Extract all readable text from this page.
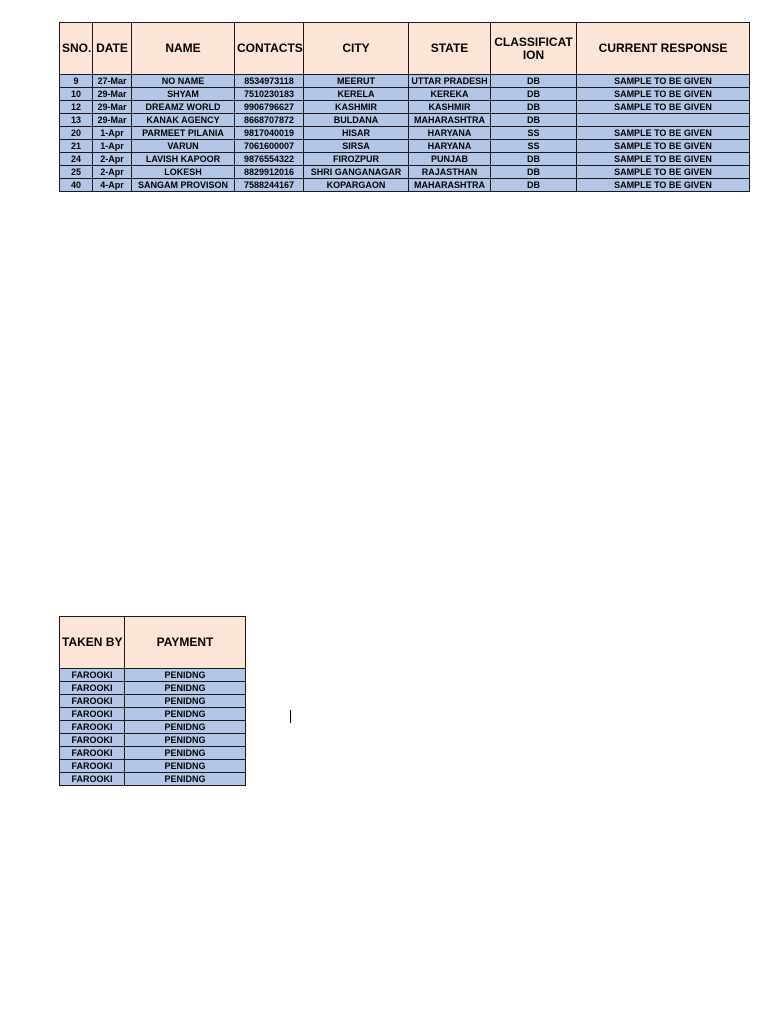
SNO.	DATE	NAME	CONTACTS	CITY	STATE	CLASSIFICATION	CURRENT RESPONSE
9	27-Mar	NO NAME	8534973118	MEERUT	UTTAR PRADESH	DB	SAMPLE TO BE GIVEN
10	29-Mar	SHYAM	7510230183	KERELA	KEREKA	DB	SAMPLE TO BE GIVEN
12	29-Mar	DREAMZ WORLD	9906796627	KASHMIR	KASHMIR	DB	SAMPLE TO BE GIVEN
13	29-Mar	KANAK AGENCY	8668707872	BULDANA	MAHARASHTRA	DB	
20	1-Apr	PARMEET PILANIA	9817040019	HISAR	HARYANA	SS	SAMPLE TO BE GIVEN
21	1-Apr	VARUN	7061600007	SIRSA	HARYANA	SS	SAMPLE TO BE GIVEN
24	2-Apr	LAVISH KAPOOR	9876554322	FIROZPUR	PUNJAB	DB	SAMPLE TO BE GIVEN
25	2-Apr	LOKESH	8829912016	SHRI GANGANAGAR	RAJASTHAN	DB	SAMPLE TO BE GIVEN
40	4-Apr	SANGAM PROVISON	7588244167	KOPARGAON	MAHARASHTRA	DB	SAMPLE TO BE GIVEN
TAKEN BY	PAYMENT
FAROOKI	PENIDNG
FAROOKI	PENIDNG
FAROOKI	PENIDNG
FAROOKI	PENIDNG
FAROOKI	PENIDNG
FAROOKI	PENIDNG
FAROOKI	PENIDNG
FAROOKI	PENIDNG
FAROOKI	PENIDNG
